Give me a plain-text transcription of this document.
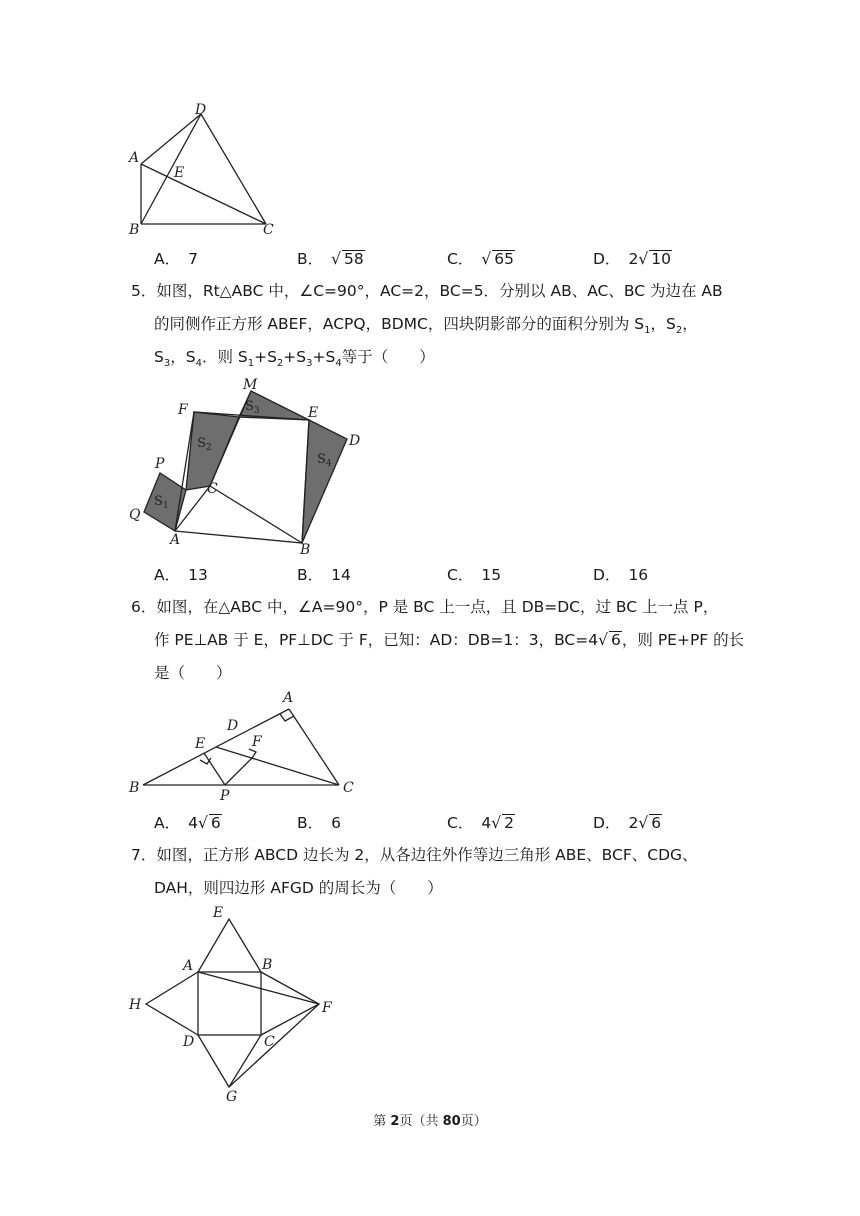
D
A
E
B	C
A． 7	B． √ 58	C． √ 65	D． 2√ 10
5．如图，Rt△ABC 中，∠C=90°，AC=2，BC=5．分别以 AB、AC、BC 为边在 AB
的同侧作正方形 ABEF，ACPQ，BDMC，四块阴影部分的面积分别为 $S_1$，$S_2$，
$S_3$，$S_4$．则 $S_1+S_2+S_3+S_4$等于（　　）
M
F	E
D
P
C
Q
A
B
$S_1$
$S_2$
$S_3$
$S_4$
A． 13	B． 14	C． 15	D． 16
6．如图，在△ABC 中，∠A=90°，P 是 BC 上一点，且 DB=DC，过 BC 上一点 P，
作 PE⊥AB 于 E，PF⊥DC 于 F，已知：AD：DB=1：3，BC=4√ 6，则 PE+PF 的长
是（　　）
A
D
E	F
B	P	C
A． 4√ 6	B． 6	C． 4√ 2	D． 2√ 6
7．如图，正方形 ABCD 边长为 2，从各边往外作等边三角形 ABE、BCF、CDG、
DAH，则四边形 AFGD 的周长为（　　）
E
A	B
H	F
D	C
G
第 2页（共 80页）
